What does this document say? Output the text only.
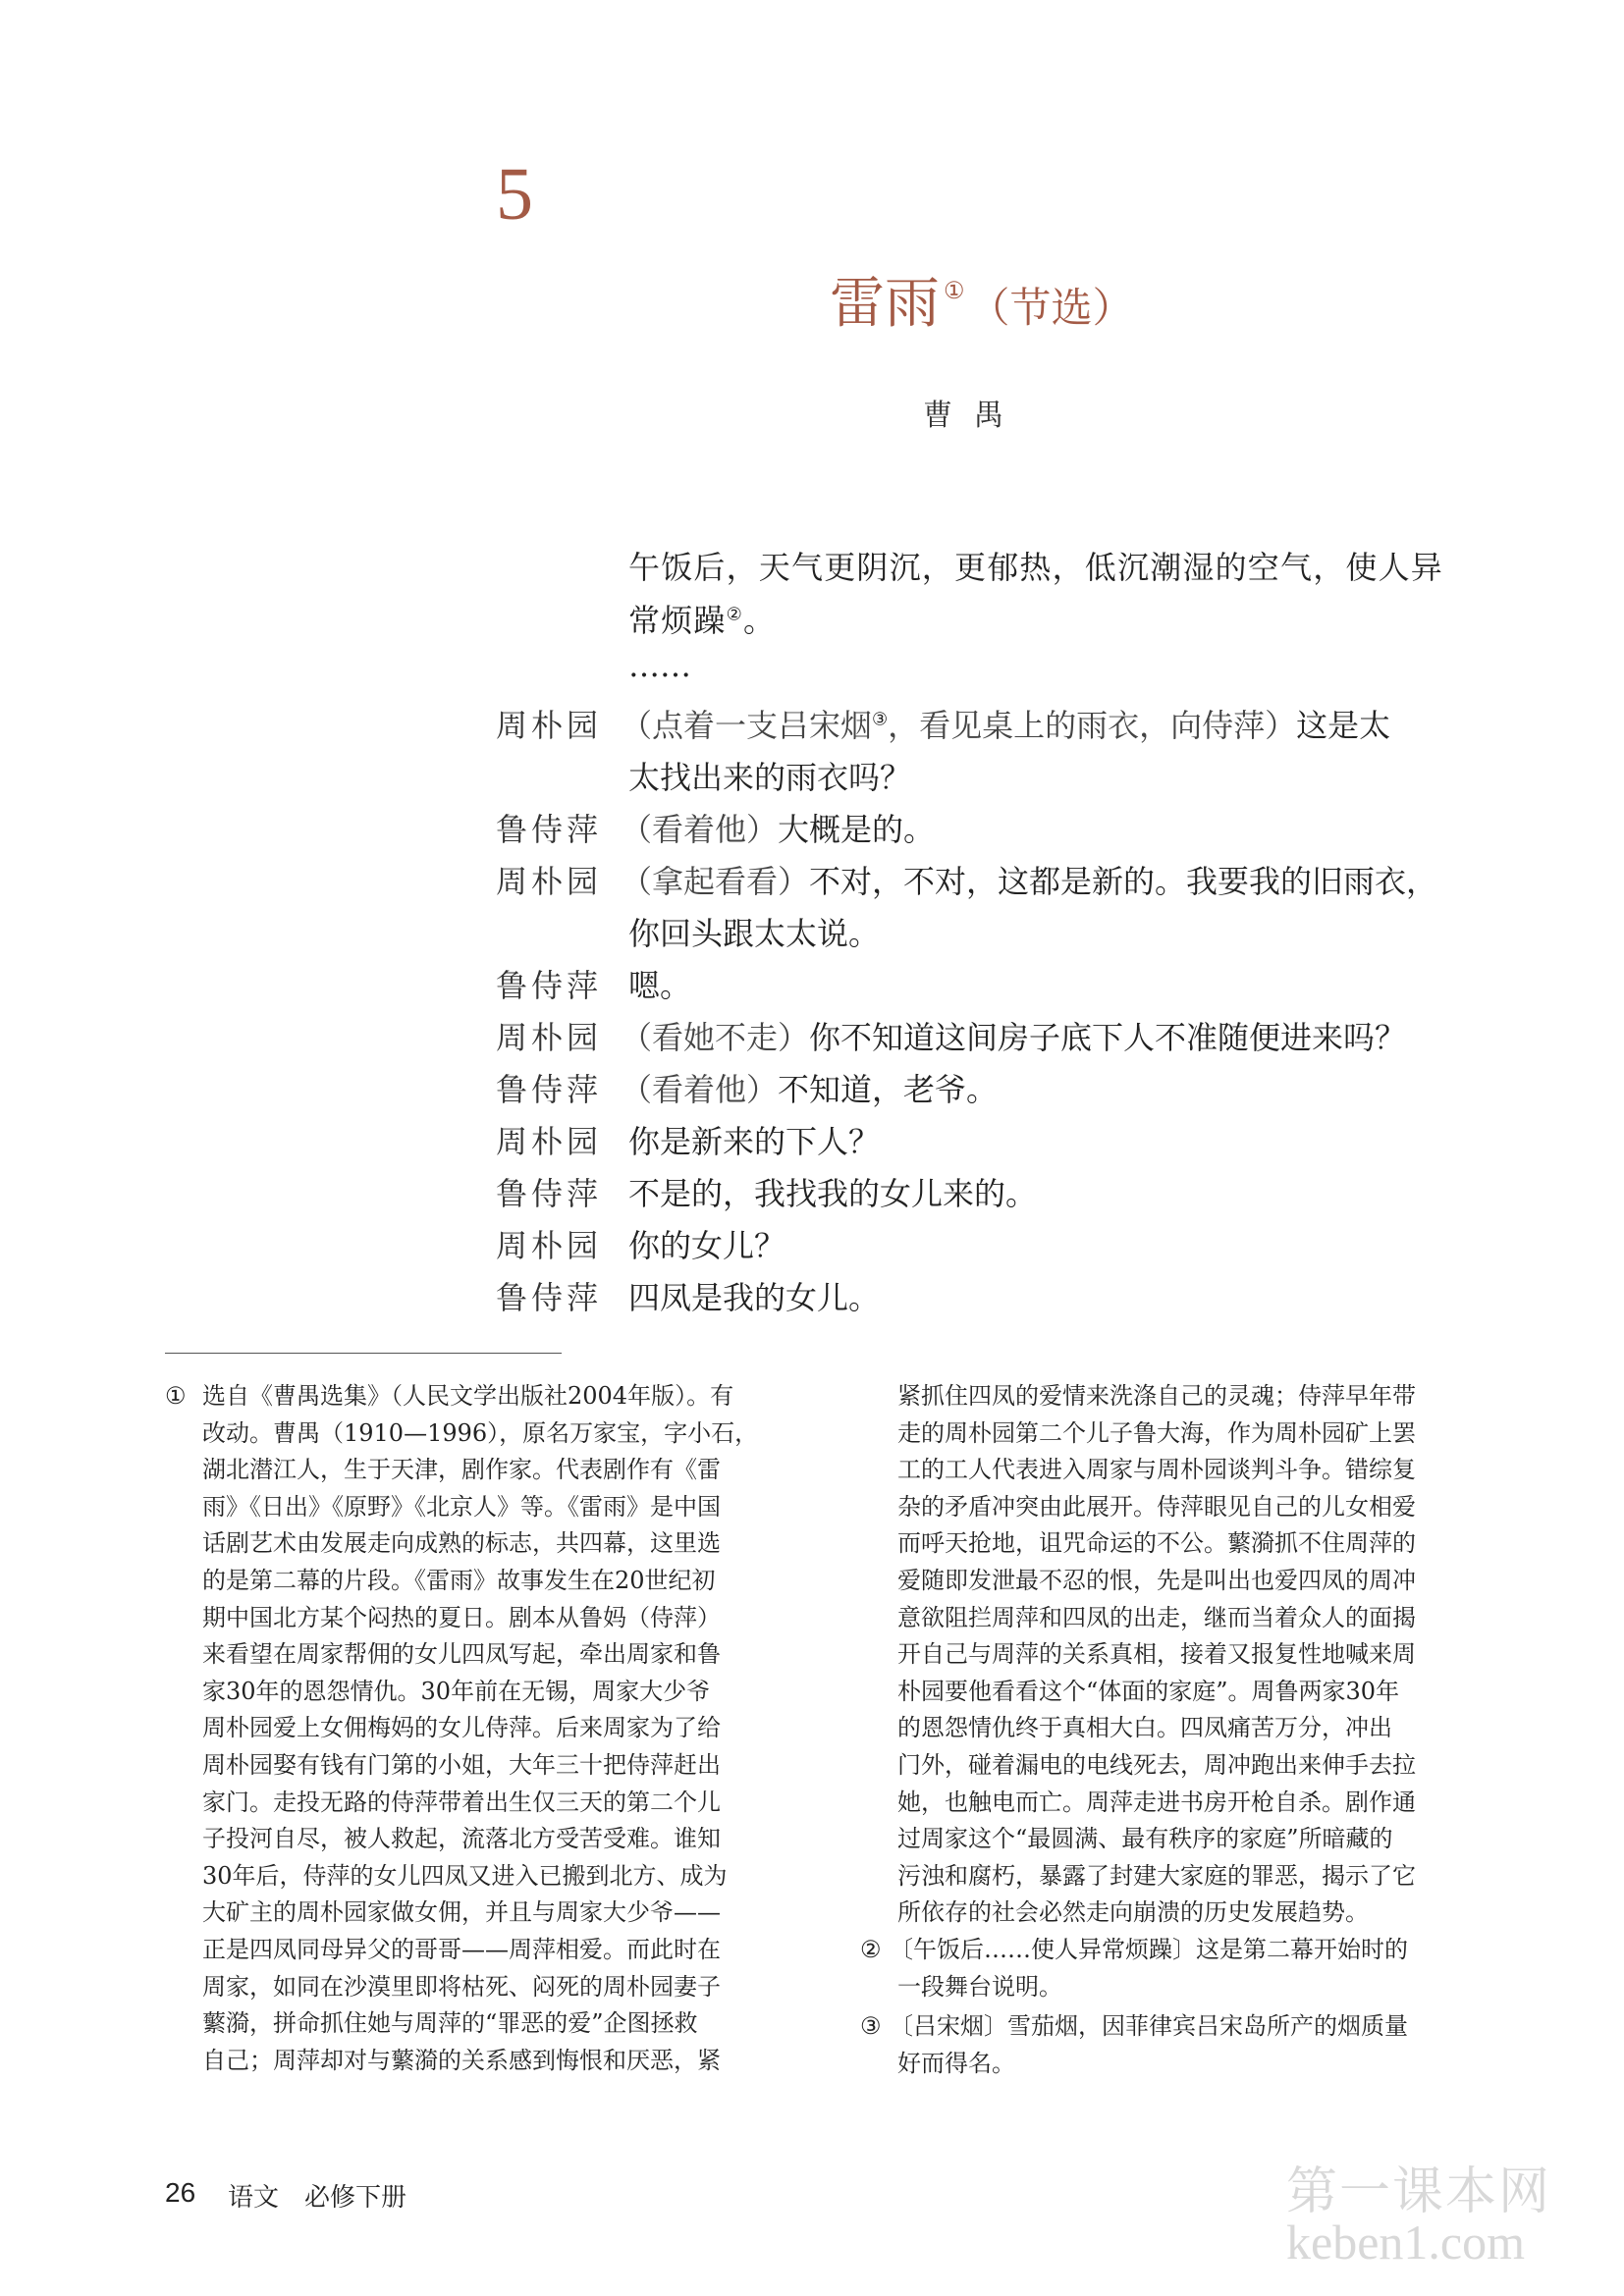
5
雷雨 ①（节选）
曹禺
午饭后，天气更阴沉，更郁热，低沉潮湿的空气，使人异
常烦躁②。
……
周朴园 （点着一支吕宋烟③，看见桌上的雨衣，向侍萍）这是太
太找出来的雨衣吗？
鲁侍萍 （看着他）大概是的。
周朴园 （拿起看看）不对，不对，这都是新的。我要我的旧雨衣，
你回头跟太太说。
鲁侍萍 嗯。
周朴园 （看她不走）你不知道这间房子底下人不准随便进来吗？
鲁侍萍 （看着他）不知道，老爷。
周朴园 你是新来的下人？
鲁侍萍 不是的，我找我的女儿来的。
周朴园 你的女儿？
鲁侍萍 四凤是我的女儿。
① 选自《曹禺选集》（人民文学出版社2004年版）。有
改动。曹禺（1910—1996），原名万家宝，字小石，
湖北潜江人，生于天津，剧作家。代表剧作有《雷
雨》《日出》《原野》《北京人》等。《雷雨》是中国
话剧艺术由发展走向成熟的标志，共四幕，这里选
的是第二幕的片段。《雷雨》故事发生在20世纪初
期中国北方某个闷热的夏日。剧本从鲁妈（侍萍）
来看望在周家帮佣的女儿四凤写起，牵出周家和鲁
家30年的恩怨情仇。30年前在无锡，周家大少爷
周朴园爱上女佣梅妈的女儿侍萍。后来周家为了给
周朴园娶有钱有门第的小姐，大年三十把侍萍赶出
家门。走投无路的侍萍带着出生仅三天的第二个儿
子投河自尽，被人救起，流落北方受苦受难。谁知
30年后，侍萍的女儿四凤又进入已搬到北方、成为
大矿主的周朴园家做女佣，并且与周家大少爷——
正是四凤同母异父的哥哥——周萍相爱。而此时在
周家，如同在沙漠里即将枯死、闷死的周朴园妻子
蘩漪，拼命抓住她与周萍的“罪恶的爱”企图拯救
自己；周萍却对与蘩漪的关系感到悔恨和厌恶，紧
紧抓住四凤的爱情来洗涤自己的灵魂；侍萍早年带
走的周朴园第二个儿子鲁大海，作为周朴园矿上罢
工的工人代表进入周家与周朴园谈判斗争。错综复
杂的矛盾冲突由此展开。侍萍眼见自己的儿女相爱
而呼天抢地，诅咒命运的不公。蘩漪抓不住周萍的
爱随即发泄最不忍的恨，先是叫出也爱四凤的周冲
意欲阻拦周萍和四凤的出走，继而当着众人的面揭
开自己与周萍的关系真相，接着又报复性地喊来周
朴园要他看看这个“体面的家庭”。周鲁两家30年
的恩怨情仇终于真相大白。四凤痛苦万分，冲出
门外，碰着漏电的电线死去，周冲跑出来伸手去拉
她，也触电而亡。周萍走进书房开枪自杀。剧作通
过周家这个“最圆满、最有秩序的家庭”所暗藏的
污浊和腐朽，暴露了封建大家庭的罪恶，揭示了它
所依存的社会必然走向崩溃的历史发展趋势。
② 〔午饭后……使人异常烦躁〕这是第二幕开始时的
一段舞台说明。
③ 〔吕宋烟〕雪茄烟，因菲律宾吕宋岛所产的烟质量
好而得名。
26 语文　必修下册	第一课本网
keben1.com
